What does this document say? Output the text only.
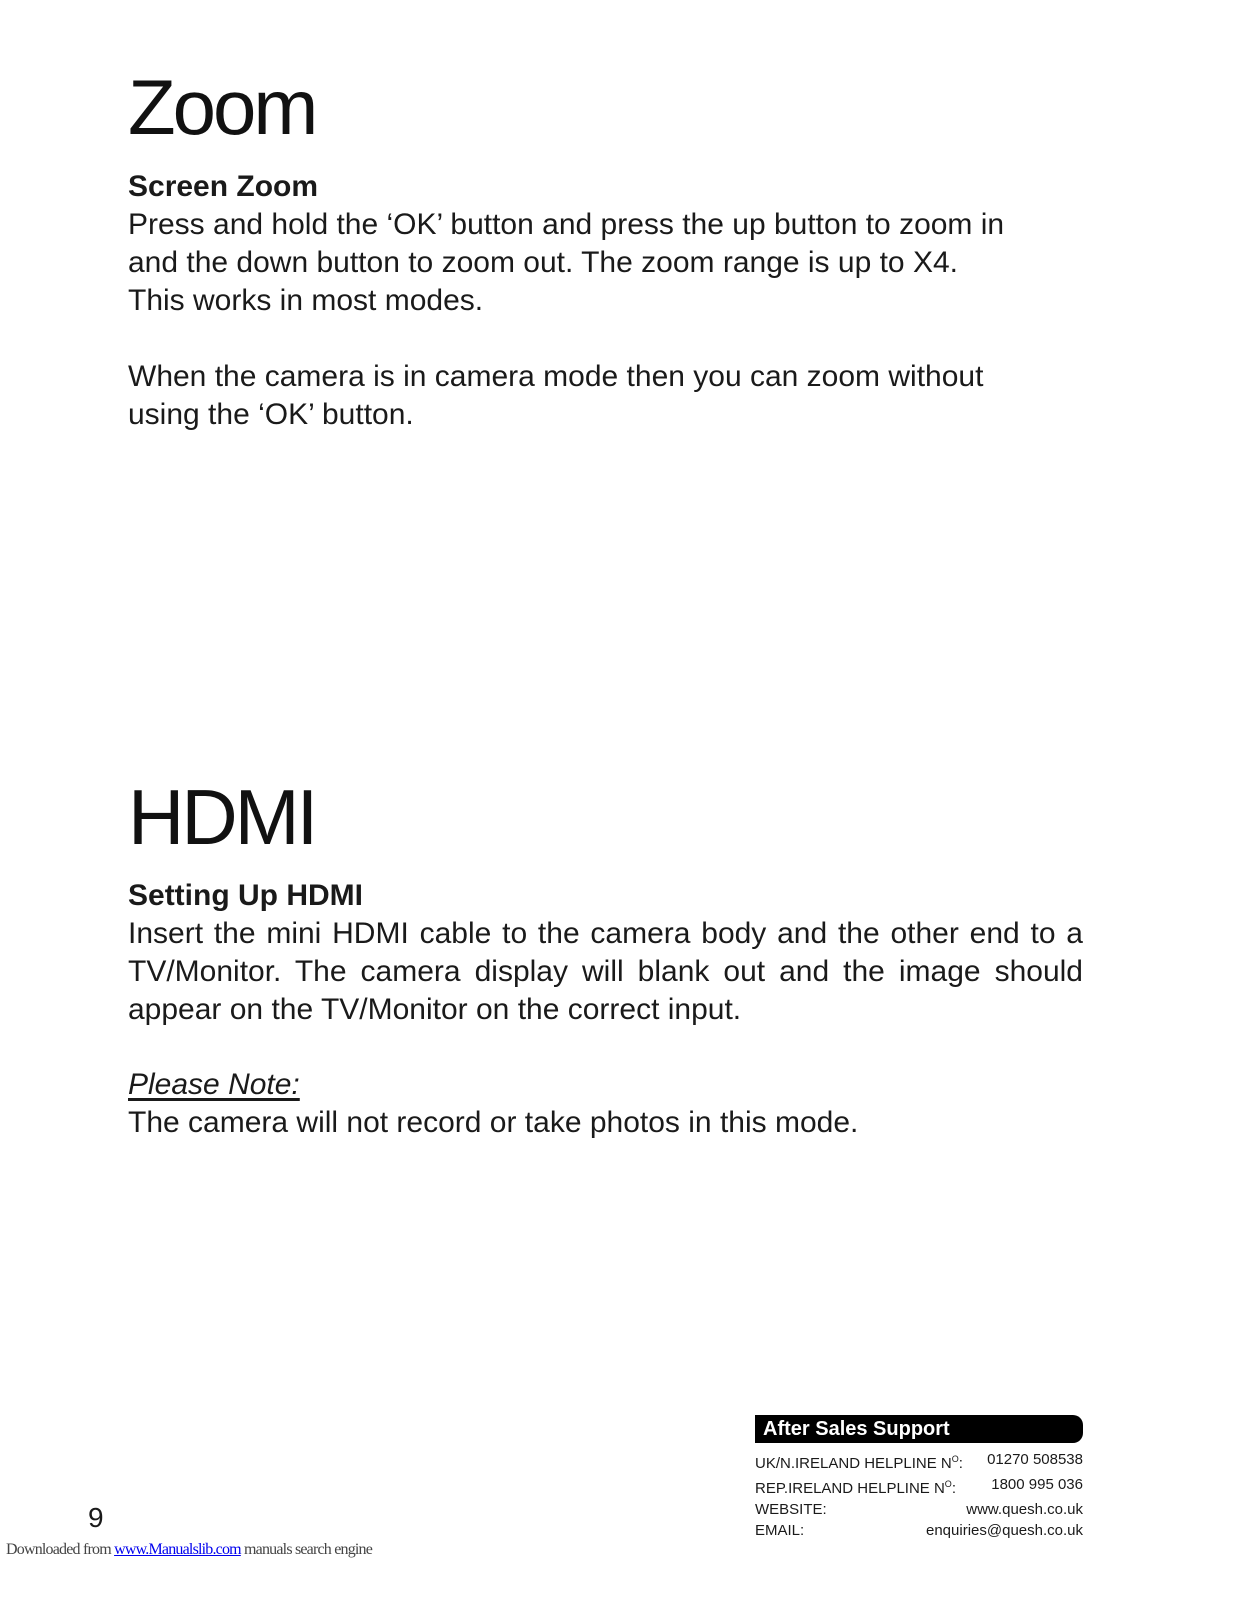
Zoom
Screen Zoom

Press and hold the ‘OK’ button and press the up button to zoom in
and the down button to zoom out. The zoom range is up to X4.
This works in most modes.

When the camera is in camera mode then you can zoom without
using the ‘OK’ button.

HDMI
Setting Up HDMI

Insert the mini HDMI cable to the camera body and the other end to a TV/Monitor. The camera display will blank out and the image should appear on the TV/Monitor on the correct input.

Please Note:

The camera will not record or take photos in this mode.

After Sales Support
UK/N.IRELAND HELPLINE $N^O$: 01270 508538
REP.IRELAND HELPLINE $N^O$: 1800 995 036
WEBSITE:	www.quesh.co.uk
EMAIL:	enquiries@quesh.co.uk
9
Downloaded from www.Manualslib.com manuals search engine
